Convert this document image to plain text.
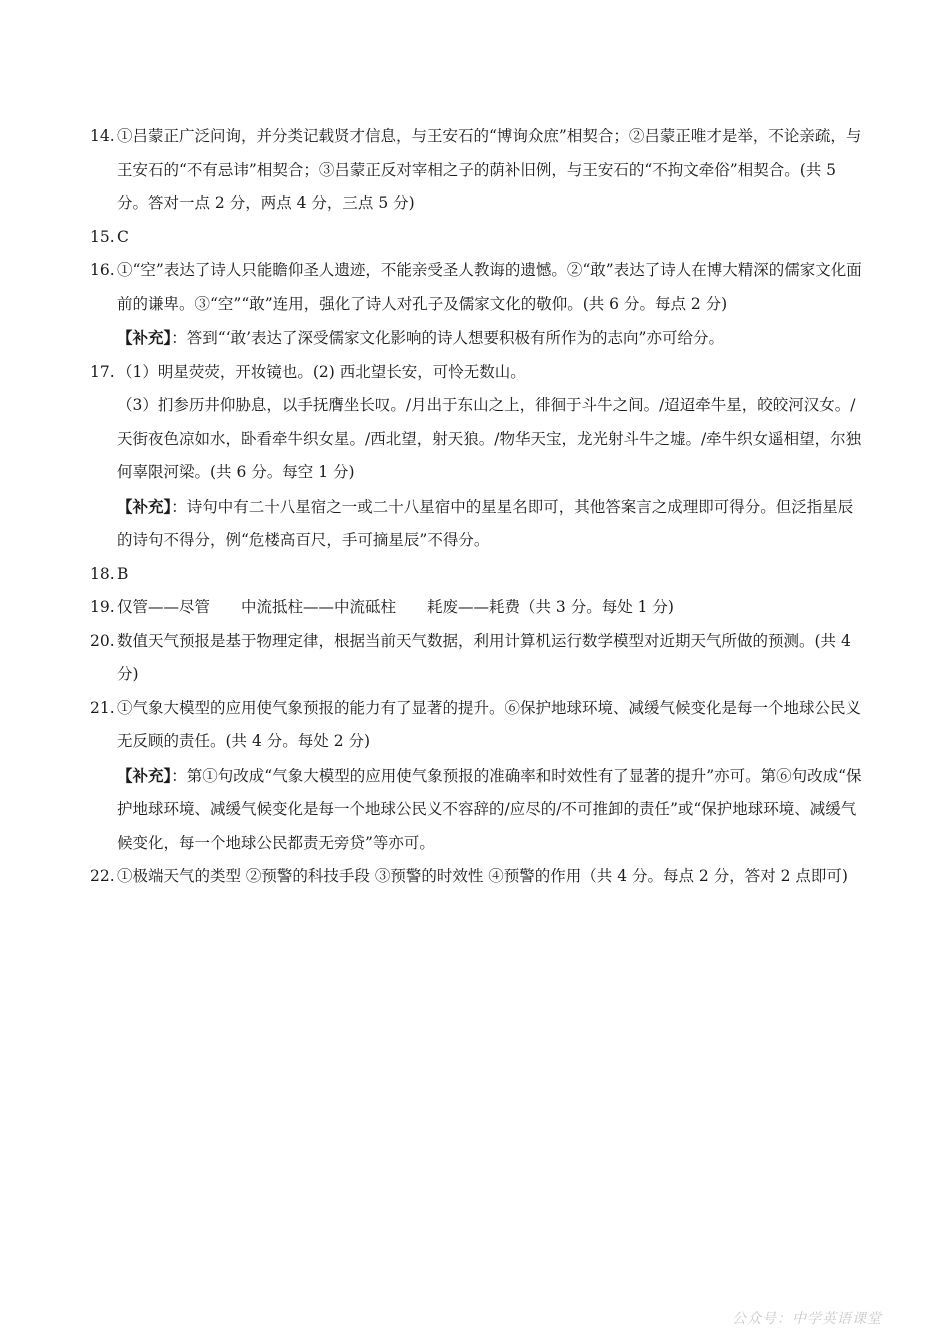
14. ①吕蒙正广泛问询，并分类记载贤才信息，与王安石的“博询众庶”相契合；②吕蒙正唯才是举，不论亲疏，与王安石的“不有忌讳”相契合；③吕蒙正反对宰相之子的荫补旧例，与王安石的“不拘文牵俗”相契合。(共 5 分。答对一点 2 分，两点 4 分，三点 5 分)
15. C
16. ①“空”表达了诗人只能瞻仰圣人遗迹，不能亲受圣人教诲的遗憾。②“敢”表达了诗人在博大精深的儒家文化面前的谦卑。③“空”“敢”连用，强化了诗人对孔子及儒家文化的敬仰。(共 6 分。每点 2 分)
【补充】：答到“‘敢’表达了深受儒家文化影响的诗人想要积极有所作为的志向”亦可给分。
17. （1）明星荧荧，开妆镜也。(2) 西北望长安，可怜无数山。
（3）扪参历井仰胁息，以手抚膺坐长叹。/月出于东山之上，徘徊于斗牛之间。/迢迢牵牛星，皎皎河汉女。/天街夜色凉如水，卧看牵牛织女星。/西北望，射天狼。/物华天宝，龙光射斗牛之墟。/牵牛织女遥相望，尔独何辜限河梁。(共 6 分。每空 1 分)
【补充】：诗句中有二十八星宿之一或二十八星宿中的星星名即可，其他答案言之成理即可得分。但泛指星辰的诗句不得分，例“危楼高百尺，手可摘星辰”不得分。
18. B
19. 仅管——尽管　　中流抵柱——中流砥柱　　耗废——耗费（共 3 分。每处 1 分)
20. 数值天气预报是基于物理定律，根据当前天气数据，利用计算机运行数学模型对近期天气所做的预测。(共 4 分)
21. ①气象大模型的应用使气象预报的能力有了显著的提升。⑥保护地球环境、减缓气候变化是每一个地球公民义无反顾的责任。(共 4 分。每处 2 分)
【补充】：第①句改成“气象大模型的应用使气象预报的准确率和时效性有了显著的提升”亦可。第⑥句改成“保护地球环境、减缓气候变化是每一个地球公民义不容辞的/应尽的/不可推卸的责任”或“保护地球环境、减缓气候变化，每一个地球公民都责无旁贷”等亦可。
22. ①极端天气的类型 ②预警的科技手段 ③预警的时效性 ④预警的作用（共 4 分。每点 2 分，答对 2 点即可)
公众号：中学英语课堂
